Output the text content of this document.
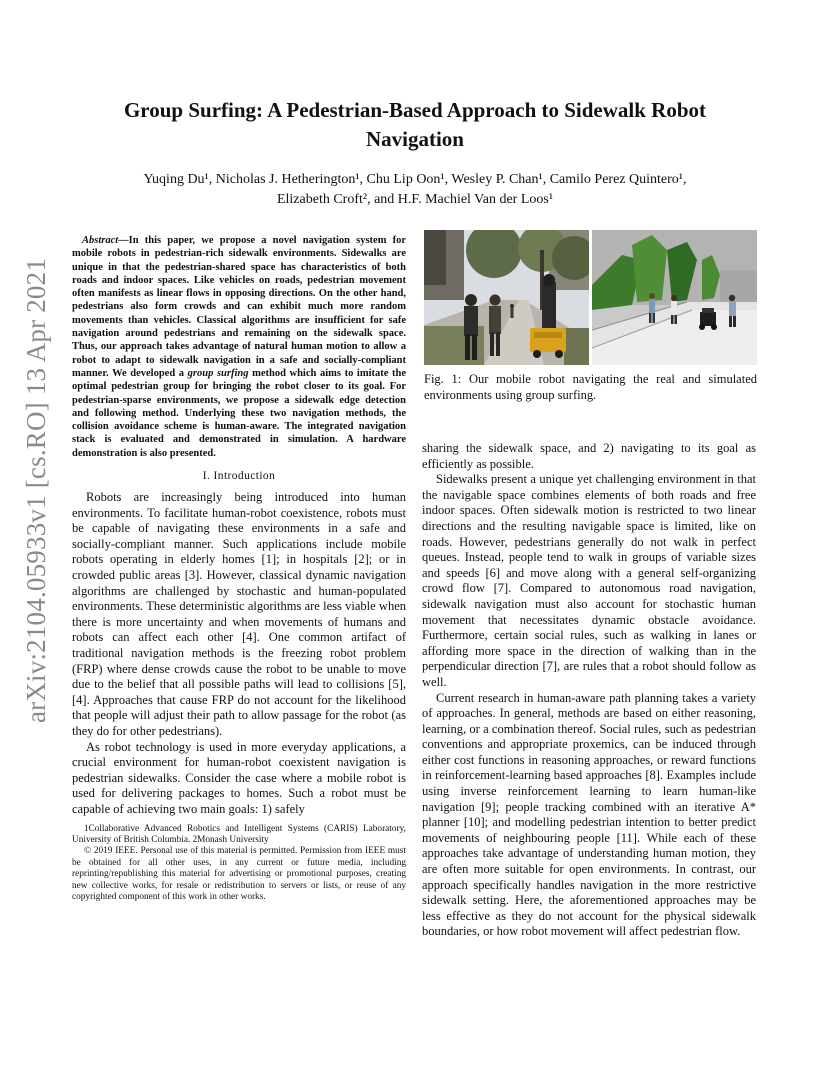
arXiv:2104.05933v1 [cs.RO] 13 Apr 2021
Group Surfing: A Pedestrian-Based Approach to Sidewalk Robot Navigation
Yuqing Du¹, Nicholas J. Hetherington¹, Chu Lip Oon¹, Wesley P. Chan¹, Camilo Perez Quintero¹,
Elizabeth Croft², and H.F. Machiel Van der Loos¹

Abstract—In this paper, we propose a novel navigation system for mobile robots in pedestrian-rich sidewalk environments. Sidewalks are unique in that the pedestrian-shared space has characteristics of both roads and indoor spaces. Like vehicles on roads, pedestrian movement often manifests as linear flows in opposing directions. On the other hand, pedestrians also form crowds and can exhibit much more random movements than vehicles. Classical algorithms are insufficient for safe navigation around pedestrians and remaining on the sidewalk space. Thus, our approach takes advantage of natural human motion to allow a robot to adapt to sidewalk navigation in a safe and socially-compliant manner. We developed a group surfing method which aims to imitate the optimal pedestrian group for bringing the robot closer to its goal. For pedestrian-sparse environments, we propose a sidewalk edge detection and following method. Underlying these two navigation methods, the collision avoidance scheme is human-aware. The integrated navigation stack is evaluated and demonstrated in simulation. A hardware demonstration is also presented.

I. Introduction

Robots are increasingly being introduced into human environments. To facilitate human-robot coexistence, robots must be capable of navigating these environments in a safe and socially-compliant manner. Such applications include mobile robots operating in elderly homes [1]; in hospitals [2]; or in crowded public areas [3]. However, classical dynamic navigation algorithms are challenged by stochastic and human-populated environments. These deterministic algorithms are less viable when there is more uncertainty and when movements of humans and robots can affect each other [4]. One common artifact of traditional navigation methods is the freezing robot problem (FRP) where dense crowds cause the robot to be unable to move due to the belief that all possible paths will lead to collisions [5], [4]. Approaches that cause FRP do not account for the likelihood that people will adjust their path to allow passage for the robot (as they do for other pedestrians).

As robot technology is used in more everyday applications, a crucial environment for human-robot coexistent navigation is pedestrian sidewalks. Consider the case where a mobile robot is used for delivering packages to homes. Such a robot must be capable of achieving two main goals: 1) safely

$^1$Collaborative Advanced Robotics and Intelligent Systems (CARIS) Laboratory, University of British Columbia. $^2$Monash University

© 2019 IEEE. Personal use of this material is permitted. Permission from IEEE must be obtained for all other uses, in any current or future media, including reprinting/republishing this material for advertising or promotional purposes, creating new collective works, for resale or redistribution to servers or lists, or reuse of any copyrighted component of this work in other works.

Fig. 1: Our mobile robot navigating the real and simulated environments using group surfing.

sharing the sidewalk space, and 2) navigating to its goal as efficiently as possible.

Sidewalks present a unique yet challenging environment in that the navigable space combines elements of both roads and free indoor spaces. Often sidewalk motion is restricted to two linear directions and the resulting navigable space is limited, like on roads. However, pedestrians generally do not walk in perfect queues. Instead, people tend to walk in groups of variable sizes and speeds [6] and move along with a general self-organizing crowd flow [7]. Compared to autonomous road navigation, sidewalk navigation must also account for stochastic human movement that necessitates dynamic obstacle avoidance. Furthermore, certain social rules, such as walking in lanes or affording more space in the direction of walking than in the perpendicular direction [7], are rules that a robot should follow as well.

Current research in human-aware path planning takes a variety of approaches. In general, methods are based on either reasoning, learning, or a combination thereof. Social rules, such as pedestrian conventions and appropriate proxemics, can be induced through either cost functions in reasoning approaches, or reward functions in reinforcement-learning based approaches [8]. Examples include using inverse reinforcement learning to learn human-like navigation [9]; people tracking combined with an iterative A* planner [10]; and modelling pedestrian intention to better predict movements of neighbouring people [11]. While each of these approaches take advantage of understanding human motion, they are often more suitable for open environments. In contrast, our approach specifically handles navigation in the more restrictive sidewalk setting. Here, the aforementioned approaches may be less effective as they do not account for the physical sidewalk boundaries, or how robot movement will affect pedestrian flow.
